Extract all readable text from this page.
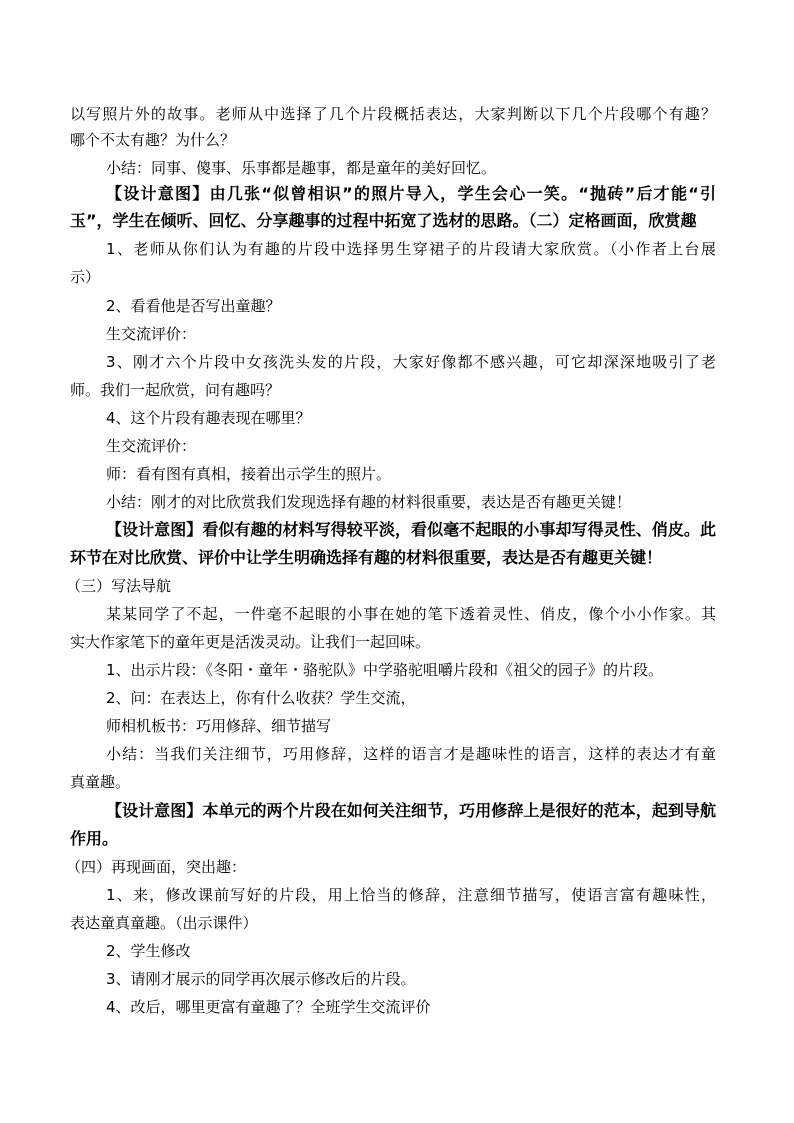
以写照片外的故事。老师从中选择了几个片段概括表达，大家判断以下几个片段哪个有趣？
哪个不太有趣？为什么？
小结：同事、傻事、乐事都是趣事，都是童年的美好回忆。
【设计意图】由几张“似曾相识”的照片导入，学生会心一笑。“抛砖”后才能“引
玉”，学生在倾听、回忆、分享趣事的过程中拓宽了选材的思路。（二）定格画面，欣赏趣
1、老师从你们认为有趣的片段中选择男生穿裙子的片段请大家欣赏。（小作者上台展
示）
2、看看他是否写出童趣？
生交流评价：
3、刚才六个片段中女孩洗头发的片段，大家好像都不感兴趣，可它却深深地吸引了老
师。我们一起欣赏，问有趣吗？
4、这个片段有趣表现在哪里？
生交流评价：
师：看有图有真相，接着出示学生的照片。
小结：刚才的对比欣赏我们发现选择有趣的材料很重要，表达是否有趣更关键！
【设计意图】看似有趣的材料写得较平淡，看似毫不起眼的小事却写得灵性、俏皮。此
环节在对比欣赏、评价中让学生明确选择有趣的材料很重要，表达是否有趣更关键！
（三）写法导航
某某同学了不起，一件毫不起眼的小事在她的笔下透着灵性、俏皮，像个小小作家。其
实大作家笔下的童年更是活泼灵动。让我们一起回味。
1、出示片段：《冬阳・童年・骆驼队》中学骆驼咀嚼片段和《祖父的园子》的片段。
2、问：在表达上，你有什么收获？学生交流，
师相机板书：巧用修辞、细节描写
小结：当我们关注细节，巧用修辞，这样的语言才是趣味性的语言，这样的表达才有童
真童趣。
【设计意图】本单元的两个片段在如何关注细节，巧用修辞上是很好的范本，起到导航
作用。
（四）再现画面，突出趣：
1、来，修改课前写好的片段，用上恰当的修辞，注意细节描写，使语言富有趣味性，
表达童真童趣。（出示课件）
2、学生修改
3、请刚才展示的同学再次展示修改后的片段。
4、改后，哪里更富有童趣了？全班学生交流评价
